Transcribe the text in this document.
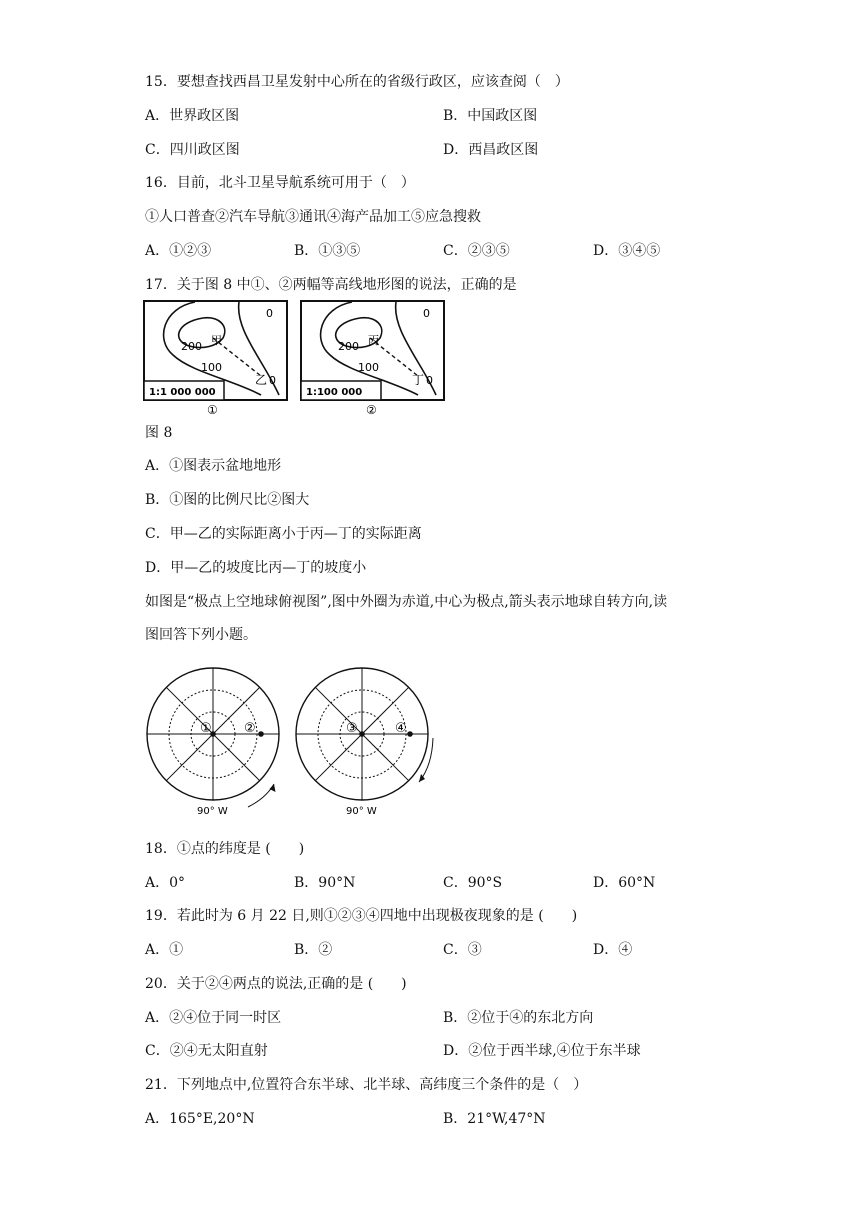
15．要想查找西昌卫星发射中心所在的省级行政区，应该查阅（　）
A．世界政区图	B．中国政区图
C．四川政区图	D．西昌政区图
16．目前，北斗卫星导航系统可用于（　）
①人口普查②汽车导航③通讯④海产品加工⑤应急搜救
A．①②③	B．①③⑤	C．②③⑤	D．③④⑤
17．关于图 8 中①、②两幅等高线地形图的说法，正确的是
0
200
100
甲
乙 0
1:1 000 000
①
0
200
100
丙
丁 0
1:100 000
②
图 8
A．①图表示盆地地形
B．①图的比例尺比②图大
C．甲—乙的实际距离小于丙—丁的实际距离
D．甲—乙的坡度比丙—丁的坡度小
如图是“极点上空地球俯视图”,图中外圈为赤道,中心为极点,箭头表示地球自转方向,读
图回答下列小题。
① ②
90° W
③	④
90° W
18．①点的纬度是 (　　)
A．0°	B．90°N	C．90°S	D．60°N
19．若此时为 6 月 22 日,则①②③④四地中出现极夜现象的是 (　　)
A．①	B．②	C．③	D．④
20．关于②④两点的说法,正确的是 (　　)
A．②④位于同一时区	B．②位于④的东北方向
C．②④无太阳直射	D．②位于西半球,④位于东半球
21．下列地点中,位置符合东半球、北半球、高纬度三个条件的是（　）
A．165°E,20°N	B．21°W,47°N
